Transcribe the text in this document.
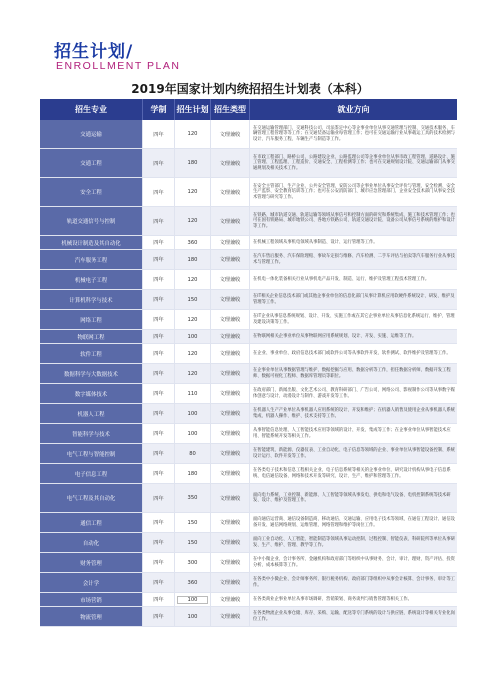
招生计划/
ENROLLMENT PLAN
2019年国家计划内统招招生计划表（本科）
招生专业	学制	招生计划 招生类型	就业方向
交通运输	四年	120	文理兼收
在交通运输管理部门、交通科技公司、司法鉴定中心等企事业单位从事交通管理与控制、交通技术服务、车辆管理工程管理等等工作；在交通装备运输业每管理工作；也可在交通运输行业从事载运工具的技术检测与设计、汽车服务工程、车辆生产与制造等工作。
交通工程	四年	180	文理兼收
在市政工程部门、路桥公司、公路建设企业、公路监理公司等企事业单位从事市政工程管理、道路设计、施工管理、工程监理、工程造价、交通安全、工程检测等工作；也可在交通规划设计院、交通运输部门从事交通规划及相关技术工作。
安全工程	四年	120	文理兼收
在安全主管部门、生产企业、公共安全管理、安防公司等企事业单位从事安全评价与管理、安全检测、安全生产监察、安全教育培训等工作；也可在公安消防部门、城市应急管理部门、企业安全技术部门从事安全技术管理与研究等工作。
轨道交通信号与控制	四年	120	文理兼收
在铁路、城市轨道交通、轨道运输等领域从事信号和控制方面的研究和系统集成、施工和技术管理工作；也可在国有铁路局、城市地铁公司、各地方铁路公司、轨道交通设计院、设备公司从事信号系统的维护和设计等工作。
机械设计制造及其自动化	四年	360	文理兼收	在机械工程领域从事机电领域从事制造、设计、运行管理等工作。
汽车服务工程	四年	180	文理兼收
在汽车售后服务、汽车保险理赔、事故车定损与维修、汽车检测、二手车评估与拍卖等汽车服务行业从事技术与管理工作。
机械电子工程	四年	120	文理兼收	在机电一体化装备相关行业从事机电产品开发、制造、运行、维护及管理工程技术管理工作。
计算机科学与技术	四年	150	文理兼收
在IT相关企业信息技术部门或其他企事业单位的信息化部门从事计算机应用软硬件系统设计、研发、维护及管理等工作。
网络工程	四年	120	文理兼收
在IT企业从事信息系统规划、设计、开发、实施工作或在其它企事业单位从事信息化系统运行、维护、管理及建设决策等工作。
物联网工程	四年	100	文理兼收	在物联网相关企事业单位从事物联网应用系统规划、设计、开发、实施、运维等工作。
软件工程	四年	120	文理兼收	在企业、事业单位、政府信息技术部门或软件公司等从事软件开发、软件测试、软件维护及管理等工作。
数据科学与大数据技术	四年	120	文理兼收
在企事业单位从事数据管理与维护、数据挖掘与应用、数据分析等工作，担任数据分析师、数据开发工程师、数据可视化工程师、数据库管理员等职位。
数字媒体技术	四年	110	文理兼收
在政府部门、新闻出版、文化艺术公司、教育科研部门、广告公司、网络公司、影视制作公司等从事数字媒体创意与设计、动漫设计与制作、游戏开发等工作。
机器人工程	四年	100	文理兼收
在机器人生产产业单位从事机器人应用系统的设计、开发和维护；在机器人销售及使用企业从事机器人系统集成、机器人操作、维护、技术支持等工作。
智能科学与技术	四年	100	文理兼收
从事智能信息处理、人工智能技术应用等领域的设计、开发、集成等工作；在企事业单位从事智能技术应用、智能系统开发等相关工作。
电气工程与智能控制	四年	80	文理兼收
在智能建筑、新能源、仪器仪表、工业自动化、电子信息等领域的企业、事业单位从事智能设备控制、系统设计运行、软件开发等工作。
电子信息工程	四年	180	文理兼收
在各类电子技术和信息工程相关企业、电子信息系统等相关的企事业单位、研究设计机构从事电子信息系统、电信通信设备、网络和技术开发等研究、设计、生产、维护和管理等工作。
电气工程及其自动化	四年	350	文理兼收
面向电力系统、工业控制、新能源、人工智能等领域从事发电、供电和电气设备、电机控制系统等技术研发、设计、维护及管理工作。
通信工程	四年	150	文理兼收
面向通信运营商、通信设备制造商、移动通信、交通运输、应用电子技术等领域、在通信工程设计、通信设备开发、通信网络规划、运维管理、网络管理和维护等岗位工作。
自动化	四年	150	文理兼收
面向工业自动化、人工智能、智能制造等领域从事运动控制、过程控制、智能仪表、科研院所等单位从事研发、生产、维护、管理、教学等工作。
财务管理	四年	300	文理兼收
在中小微企业、会计事务所、金融机构和政府部门等组织中从事财务、会计、审计、理财、资产评估、投资分析、成本核算等工作。
会计学	四年	360	文理兼收
在各类中小微企业、会计师事务所、银行税务机构、政府部门等组织中从事会计核算、会计事务、审计等工作。
市场营销	四年	100	文理兼收	在各类商业企事业单位从事市场调研、营销策划、商务谈判与销售管理等相关工作。
物流管理	四年	100	文理兼收
在各类物流企业从事仓储、库存、采购、运输、配送等专门系统的设计与供应链、系统设计等相关专业化岗位工作。
